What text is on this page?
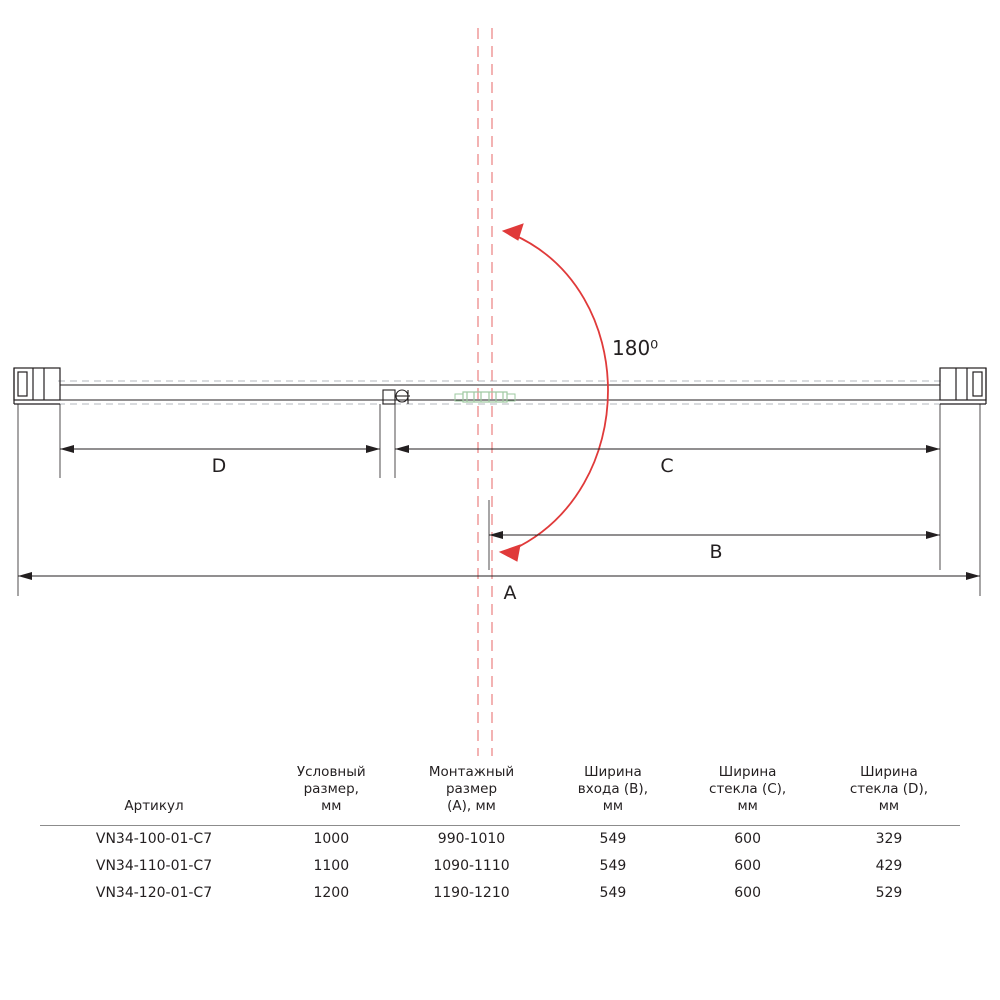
180⁰
D	C
B
A
Артикул

Условный
размер,
мм

Монтажный
размер
(А), мм

Ширина
входа (В),
мм

Ширина
стекла (С),
мм

Ширина
стекла (D),
мм

VN34-100-01-C7	1000	990-1010	549	600	329
VN34-110-01-C7	1100	1090-1110	549	600	429
VN34-120-01-C7	1200	1190-1210	549	600	529
